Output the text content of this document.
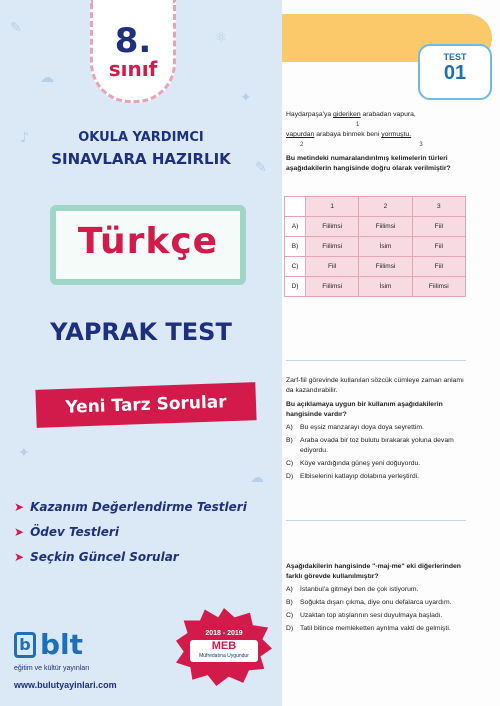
✎
☁
⚛
✦
♪
✎
✦
☁
8.
sınıf
OKULA YARDIMCI
SINAVLARA HAZIRLIK
Türkçe
YAPRAK TEST
Yeni Tarz Sorular
➤ Kazanım Değerlendirme Testleri
➤ Ödev Testleri
➤ Seçkin Güncel Sorular
b blt
eğitim ve kültür yayınları
www.bulutyayinlari.com
2018 - 2019
MEB
Müfredatına Uygundur
TEST
01
Haydarpaşa'ya gideriken arabadan vapura,
1
vapurdan arabaya binmek beni yormuştu.
2	3
Bu metindeki numaralandırılmış kelimelerin türleri aşağıdakilerin hangisinde doğru olarak verilmiştir?
	1	2	3
A)	Fiilimsi	Fiilimsi	Fiil
B)	Fiilimsi	İsim	Fiil
C)	Fiil	Fiilimsi	Fiil
D)	Fiilimsi	İsim	Fiilimsi
Zarf-fiil görevinde kullanılan sözcük cümleye zaman anlamı da kazandırabilir.
Bu açıklamaya uygun bir kullanım aşağıdakilerin hangisinde vardır?
A) Bu eşsiz manzarayı doya doya seyrettim.
B) Araba ovada bir toz bulutu bırakarak yoluna devam ediyordu.
C) Köye vardığında güneş yeni doğuyordu.
D) Elbiselerini katlayıp dolabına yerleştirdi.
Aşağıdakilerin hangisinde "-maj-me" eki diğerlerinden farklı görevde kullanılmıştır?
A) İstanbul'a gitmeyi ben de çok istiyorum.
B) Soğukta dışarı çıkma, diye onu defalarca uyardım.
C) Uzaktan top atışlarının sesi duyulmaya başladı.
D) Tatil bitince memleketten ayrılma vakti de gelmişti.
